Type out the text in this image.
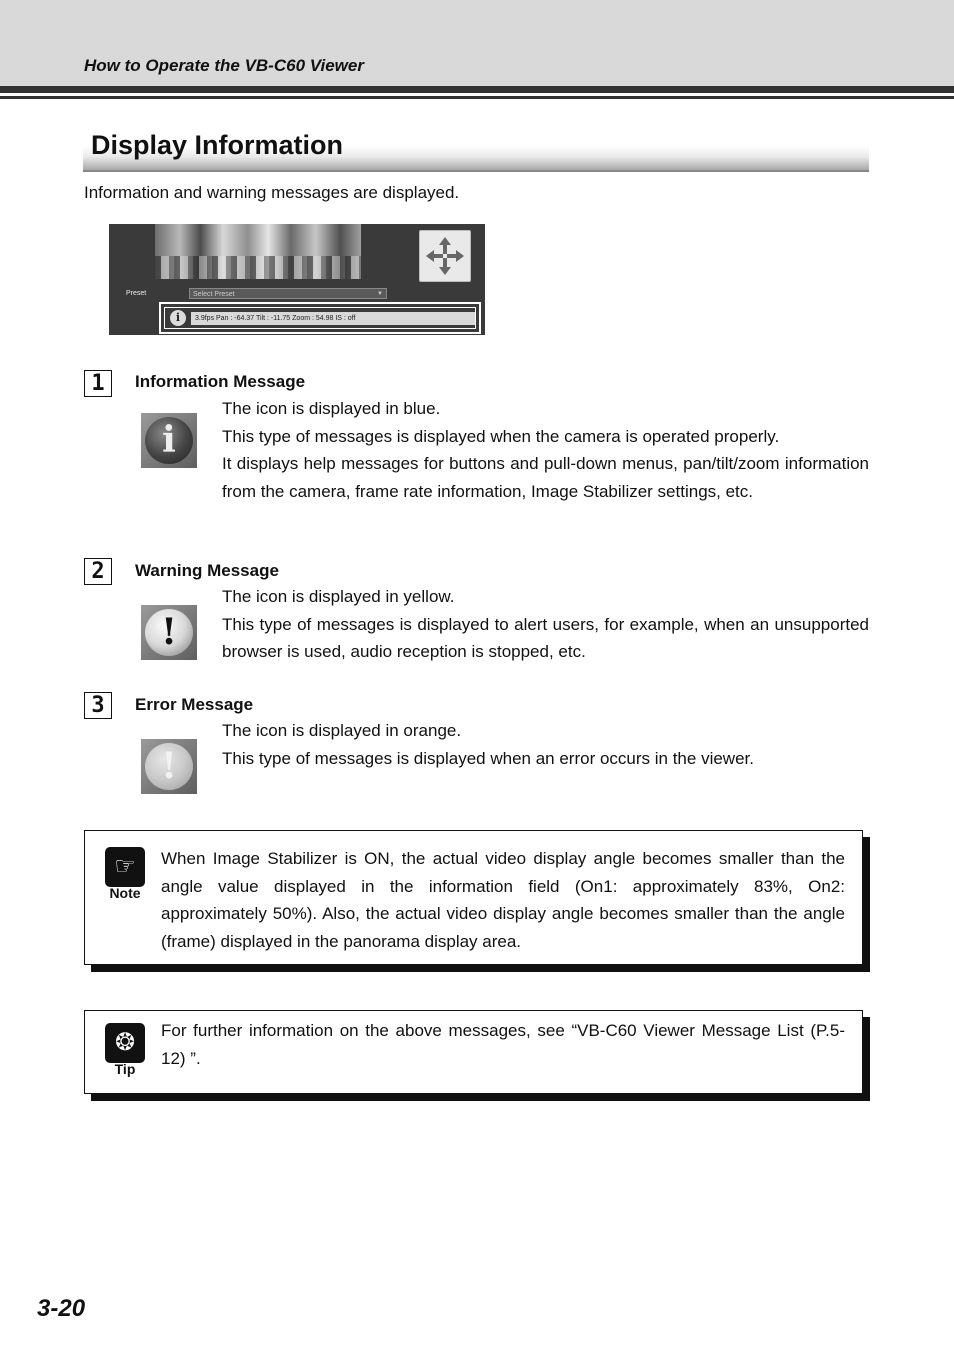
How to Operate the VB-C60 Viewer
Display Information
Information and warning messages are displayed.
Preset	Select Preset	▼
i	3.9fps Pan : -64.37 Tilt : -11.75 Zoom : 54.98 IS : off
1	Information Message
i

The icon is displayed in blue.

This type of messages is displayed when the camera is operated properly.

It displays help messages for buttons and pull-down menus, pan/tilt/zoom information from the camera, frame rate information, Image Stabilizer settings, etc.

2	Warning Message
!

The icon is displayed in yellow.

This type of messages is displayed to alert users, for example, when an unsupported browser is used, audio reception is stopped, etc.

3	Error Message
!

The icon is displayed in orange.

This type of messages is displayed when an error occurs in the viewer.

☞
Note

When Image Stabilizer is ON, the actual video display angle becomes smaller than the angle value displayed in the information field (On1: approximately 83%, On2: approximately 50%). Also, the actual video display angle becomes smaller than the angle (frame) displayed in the panorama display area.

❂
Tip

For further information on the above messages, see “VB-C60 Viewer Message List (P.5-12) ”.

3-20
